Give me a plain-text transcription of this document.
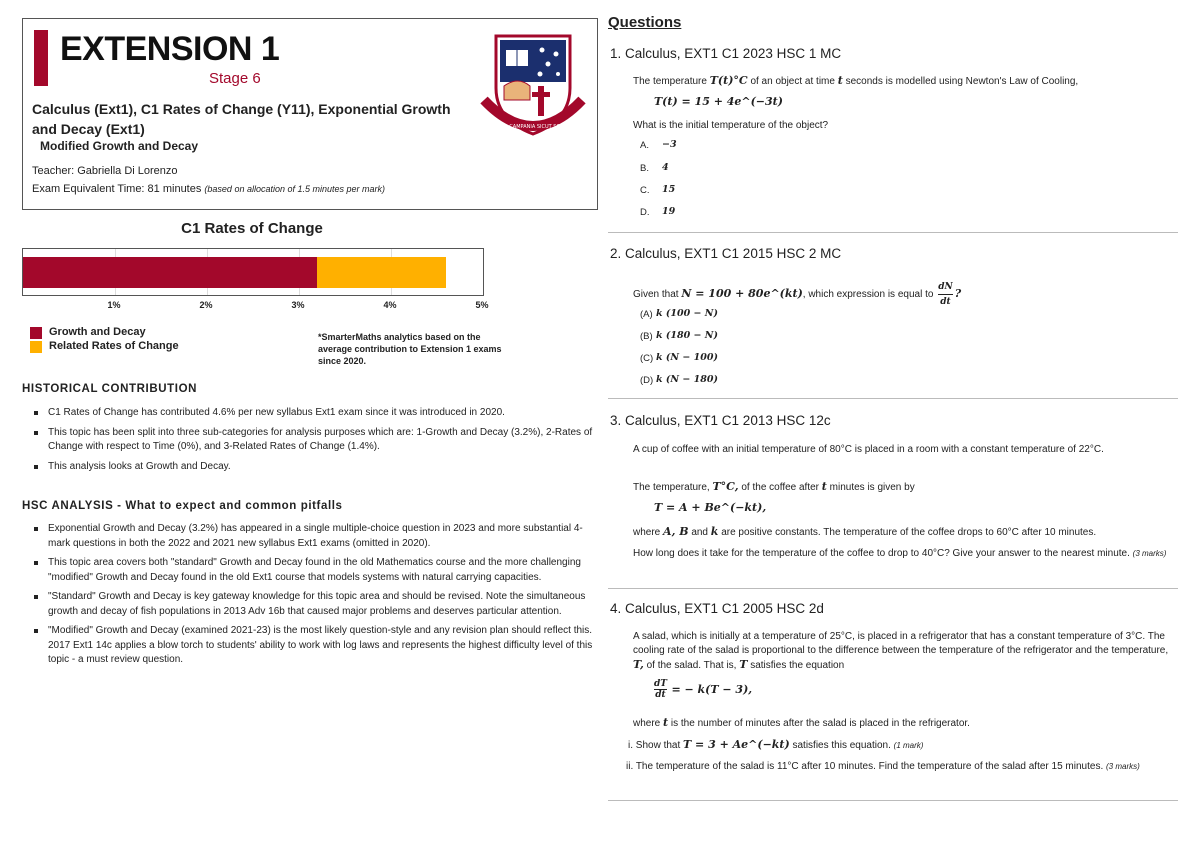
EXTENSION 1
Stage 6
Calculus (Ext1), C1 Rates of Change (Y11), Exponential Growth and Decay (Ext1)
Modified Growth and Decay
Teacher: Gabriella Di Lorenzo
Exam Equivalent Time: 81 minutes (based on allocation of 1.5 minutes per mark)
VELLA CAMPANIA SICUT SCHOLA
C1 Rates of Change
1%	2%	3%	4%	5%
Growth and Decay
Related Rates of Change
*SmarterMaths analytics based on the average contribution to Extension 1 exams since 2020.
HISTORICAL CONTRIBUTION
C1 Rates of Change has contributed 4.6% per new syllabus Ext1 exam since it was introduced in 2020.
This topic has been split into three sub-categories for analysis purposes which are: 1-Growth and Decay (3.2%), 2-Rates of Change with respect to Time (0%), and 3-Related Rates of Change (1.4%).
This analysis looks at Growth and Decay.
HSC ANALYSIS - What to expect and common pitfalls
Exponential Growth and Decay (3.2%) has appeared in a single multiple-choice question in 2023 and more substantial 4-mark questions in both the 2022 and 2021 new syllabus Ext1 exams (omitted in 2020).
This topic area covers both "standard" Growth and Decay found in the old Mathematics course and the more challenging "modified" Growth and Decay found in the old Ext1 course that models systems with natural carrying capacities.
"Standard" Growth and Decay is key gateway knowledge for this topic area and should be revised. Note the simultaneous growth and decay of fish populations in 2013 Adv 16b that caused major problems and deserves particular attention.
"Modified" Growth and Decay (examined 2021-23) is the most likely question-style and any revision plan should reflect this. 2017 Ext1 14c applies a blow torch to students' ability to work with log laws and represents the highest difficulty level of this topic - a must review question.
Questions
1. Calculus, EXT1 C1 2023 HSC 1 MC
The temperature T(t)°C of an object at time t seconds is modelled using Newton's Law of Cooling,
T(t) = 15 + 4e^(−3t)
What is the initial temperature of the object?
A. −3
B. 4
C. 15
D. 19
2. Calculus, EXT1 C1 2015 HSC 2 MC
Given that N = 100 + 80e^(kt), which expression is equal to $\frac{dN}{dt}$ ?
(A) k (100 − N)
(B) k (180 − N)
(C) k (N − 100)
(D) k (N − 180)
3. Calculus, EXT1 C1 2013 HSC 12c
A cup of coffee with an initial temperature of 80°C is placed in a room with a constant temperature of 22°C.
The temperature, T°C, of the coffee after t minutes is given by
T = A + Be^(−kt),
where A, B and k are positive constants. The temperature of the coffee drops to 60°C after 10 minutes.
How long does it take for the temperature of the coffee to drop to 40°C? Give your answer to the nearest minute. (3 marks)
4. Calculus, EXT1 C1 2005 HSC 2d
A salad, which is initially at a temperature of 25°C, is placed in a refrigerator that has a constant temperature of 3°C. The cooling rate of the salad is proportional to the difference between the temperature of the refrigerator and the temperature, T, of the salad. That is, T satisfies the equation
$\frac{dT}{dt}$ = − k(T − 3),
where t is the number of minutes after the salad is placed in the refrigerator.
i. Show that T = 3 + Ae^(−kt) satisfies this equation. (1 mark)
ii. The temperature of the salad is 11°C after 10 minutes. Find the temperature of the salad after 15 minutes. (3 marks)
